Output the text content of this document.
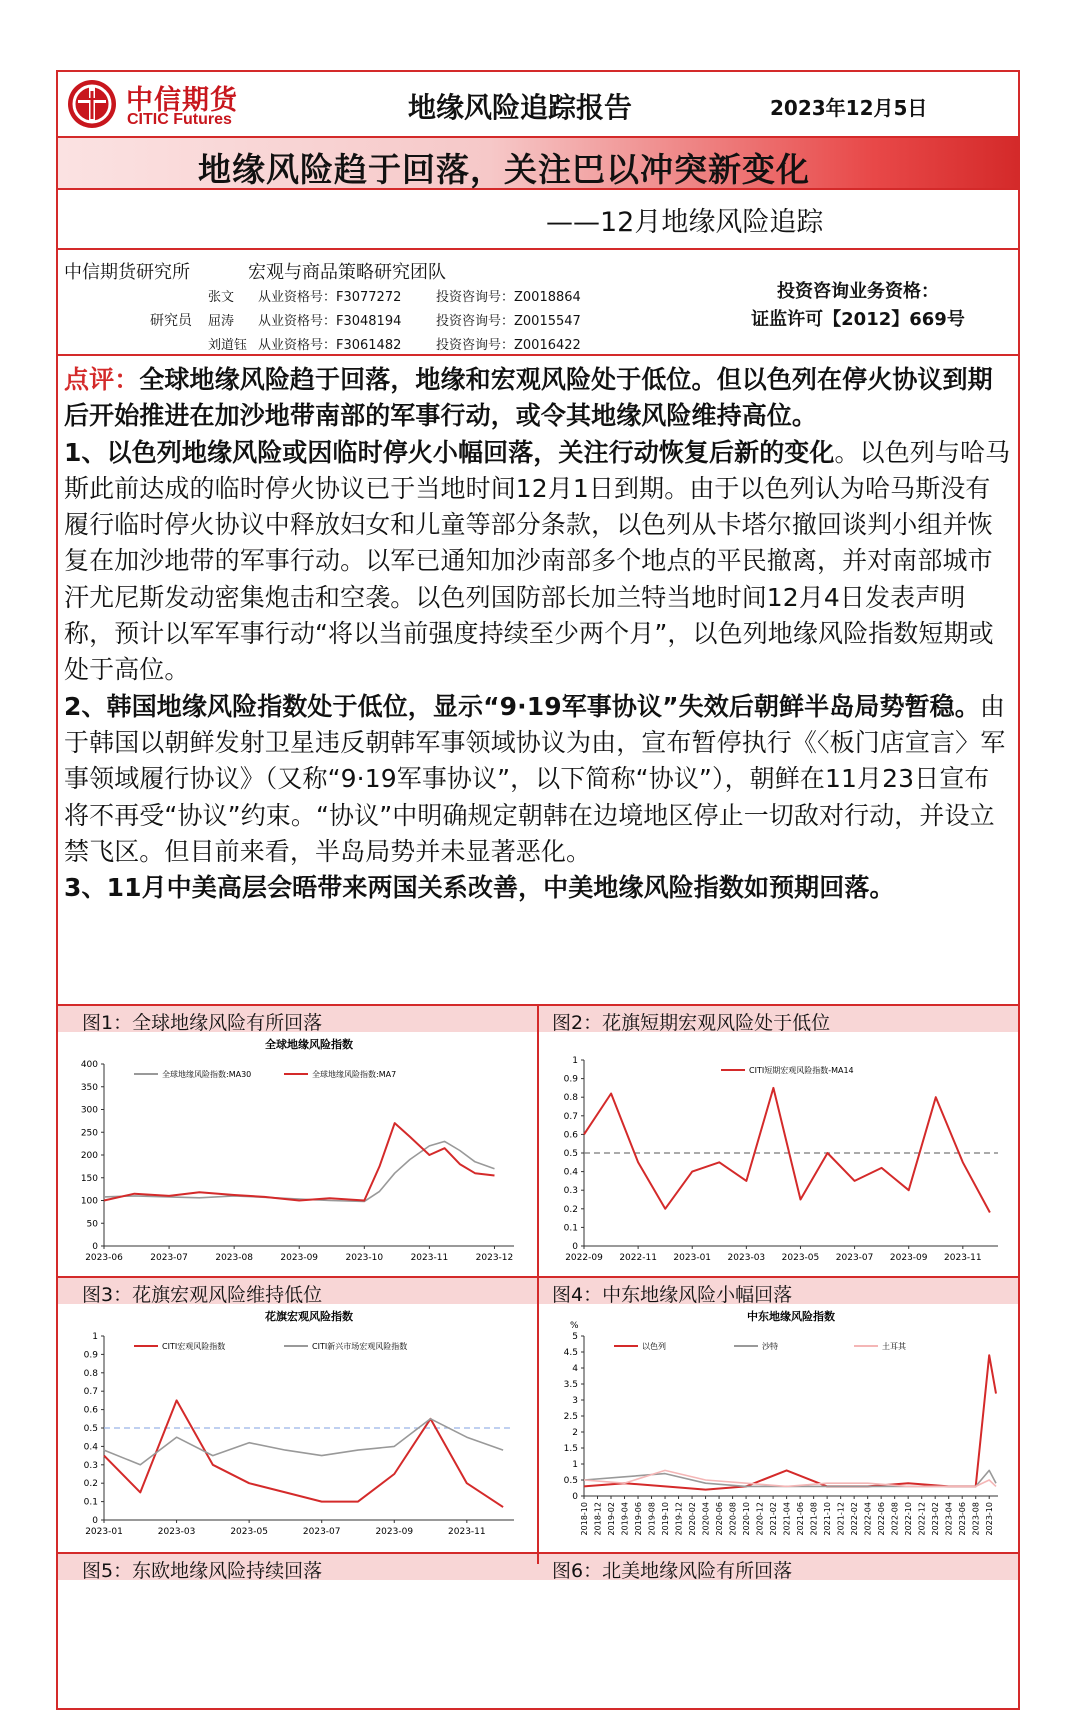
中信期货
CITIC Futures	地缘风险追踪报告	2023年12月5日
地缘风险趋于回落，关注巴以冲突新变化
——12月地缘风险追踪
中信期货研究所	宏观与商品策略研究团队
研究员
张文 从业资格号：F3077272	投资咨询号：Z0018864
屈涛 从业资格号：F3048194	投资咨询号：Z0015547
刘道钰 从业资格号：F3061482	投资咨询号：Z0016422
投资咨询业务资格：
证监许可【2012】669号

点评：全球地缘风险趋于回落，地缘和宏观风险处于低位。但以色列在停火协议到期后开始推进在加沙地带南部的军事行动，或令其地缘风险维持高位。

1、以色列地缘风险或因临时停火小幅回落，关注行动恢复后新的变化。以色列与哈马斯此前达成的临时停火协议已于当地时间12月1日到期。由于以色列认为哈马斯没有履行临时停火协议中释放妇女和儿童等部分条款，以色列从卡塔尔撤回谈判小组并恢复在加沙地带的军事行动。以军已通知加沙南部多个地点的平民撤离，并对南部城市汗尤尼斯发动密集炮击和空袭。以色列国防部长加兰特当地时间12月4日发表声明称，预计以军军事行动“将以当前强度持续至少两个月”，以色列地缘风险指数短期或处于高位。

2、韩国地缘风险指数处于低位，显示“9·19军事协议”失效后朝鲜半岛局势暂稳。由于韩国以朝鲜发射卫星违反朝韩军事领域协议为由，宣布暂停执行《〈板门店宣言〉军事领域履行协议》（又称“9·19军事协议”，以下简称“协议”），朝鲜在11月23日宣布将不再受“协议”约束。“协议”中明确规定朝韩在边境地区停止一切敌对行动，并设立禁飞区。但目前来看，半岛局势并未显著恶化。

3、11月中美高层会晤带来两国关系改善，中美地缘风险指数如预期回落。

图1：全球地缘风险有所回落	图2：花旗短期宏观风险处于低位
图3：花旗宏观风险维持低位	图4：中东地缘风险小幅回落
图5：东欧地缘风险持续回落	图6：北美地缘风险有所回落
全球地缘风险指数
0
50
100
150
200
250
300
350
400
2023-06	2023-07	2023-08	2023-09	2023-10	2023-11	2023-12
全球地缘风险指数:MA30	全球地缘风险指数:MA7
0
0.1
0.2
0.3
0.4
0.5
0.6
0.7
0.8
0.9
1
2022-09 2022-11 2023-01 2023-03 2023-05 2023-07 2023-09 2023-11
CITI短期宏观风险指数-MA14
花旗宏观风险指数
0
0.1
0.2
0.3
0.4
0.5
0.6
0.7
0.8
0.9
1
2023-01	2023-03	2023-05	2023-07	2023-09	2023-11
CITI宏观风险指数	CITI新兴市场宏观风险指数
中东地缘风险指数
%
0
0.5
1
1.5
2
2.5
3
3.5
4
4.5
5
2018-10 2018-12 2019-02 2019-04 2019-06 2019-08 2019-10 2019-12 2020-02 2020-04 2020-06 2020-08 2020-10 2020-12 2021-02 2021-04 2021-06 2021-08 2021-10 2021-12 2022-02 2022-04 2022-06 2022-08 2022-10 2022-12 2023-02 2023-04 2023-06 2023-08 2023-10
以色列	沙特	土耳其
